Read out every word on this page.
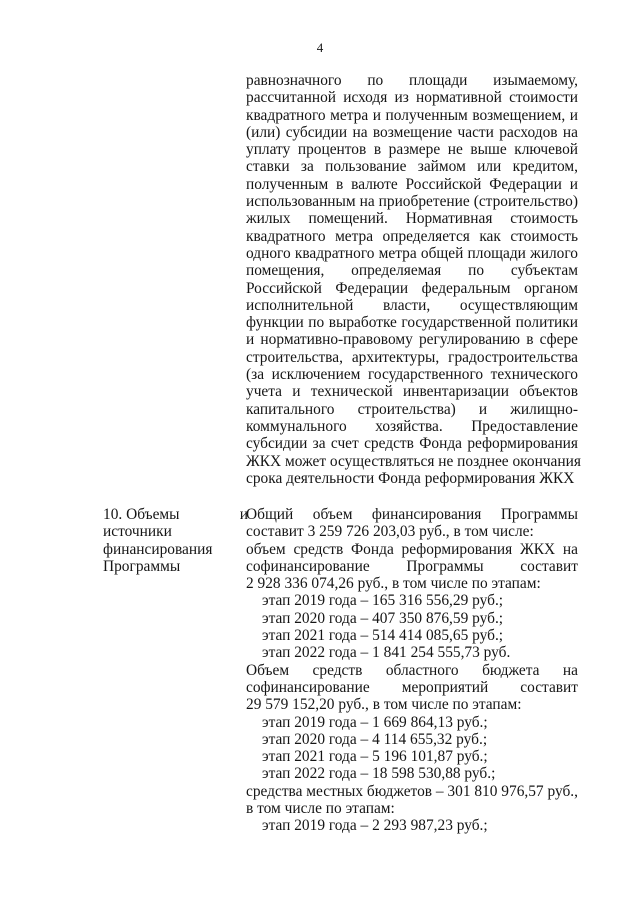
4
равнозначного по площади изымаемому,
рассчитанной исходя из нормативной стоимости
квадратного метра и полученным возмещением, и
(или) субсидии на возмещение части расходов на
уплату процентов в размере не выше ключевой
ставки за пользование займом или кредитом,
полученным в валюте Российской Федерации и
использованным на приобретение (строительство)
жилых помещений. Нормативная стоимость
квадратного метра определяется как стоимость
одного квадратного метра общей площади жилого
помещения, определяемая по субъектам
Российской Федерации федеральным органом
исполнительной власти, осуществляющим
функции по выработке государственной политики
и нормативно-правовому регулированию в сфере
строительства, архитектуры, градостроительства
(за исключением государственного технического
учета и технической инвентаризации объектов
капитального строительства) и жилищно-
коммунального хозяйства. Предоставление
субсидии за счет средств Фонда реформирования
ЖКХ может осуществляться не позднее окончания
срока деятельности Фонда реформирования ЖКХ
10. Объемы	и
источники
финансирования
Программы
Общий объем финансирования Программы
составит 3 259 726 203,03 руб., в том числе:
объем средств Фонда реформирования ЖКХ на
софинансирование Программы составит
2 928 336 074,26 руб., в том числе по этапам:
этап 2019 года – 165 316 556,29 руб.;
этап 2020 года – 407 350 876,59 руб.;
этап 2021 года – 514 414 085,65 руб.;
этап 2022 года – 1 841 254 555,73 руб.
Объем средств областного бюджета на
софинансирование мероприятий составит
29 579 152,20 руб., в том числе по этапам:
этап 2019 года – 1 669 864,13 руб.;
этап 2020 года – 4 114 655,32 руб.;
этап 2021 года – 5 196 101,87 руб.;
этап 2022 года – 18 598 530,88 руб.;
средства местных бюджетов – 301 810 976,57 руб.,
в том числе по этапам:
этап 2019 года – 2 293 987,23 руб.;
